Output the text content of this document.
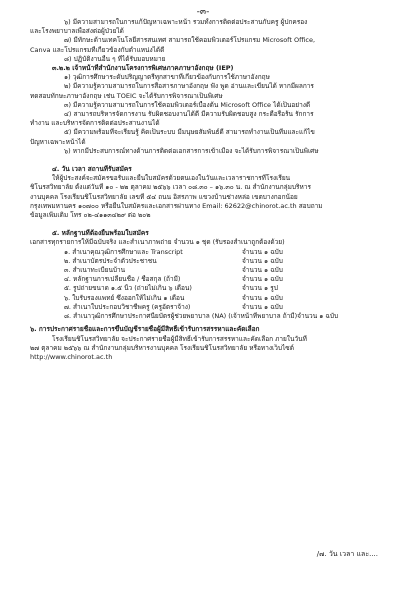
-๓-
๖) มีความสามารถในการแก้ปัญหาเฉพาะหน้า รวมทั้งการติดต่อประสานกับครู ผู้ปกครอง
และโรงพยาบาลเพื่อส่งต่อผู้ป่วยได้
๗) มีทักษะด้านเทคโนโลยีสารสนเทศ สามารถใช้คอมพิวเตอร์โปรแกรม Microsoft Office,
Canva และโปรแกรมที่เกี่ยวข้องกับตำแหน่งได้ดี
๘) ปฏิบัติงานอื่น ๆ ที่ได้รับมอบหมาย
๓.๒.๒ เจ้าหน้าที่สำนักงานโครงการพิเศษภาคภาษาอังกฤษ (IEP)
๑) วุฒิการศึกษาระดับปริญญาตรีทุกสาขาที่เกี่ยวข้องกับการใช้ภาษาอังกฤษ
๒) มีความรู้ความสามารถในการสื่อสารภาษาอังกฤษ ฟัง พูด อ่านและเขียนได้ หากมีผลการ
ทดสอบทักษะภาษาอังกฤษ เช่น TOEIC จะได้รับการพิจารณาเป็นพิเศษ
๓) มีความรู้ความสามารถในการใช้คอมพิวเตอร์เบื้องต้น Microsoft Office ได้เป็นอย่างดี
๔) สามารถบริหารจัดการงาน รับผิดชอบงานได้ดี มีความรับผิดชอบสูง กระตือรือร้น รักการ
ทำงาน และบริหารจัดการติดต่อประสานงานได้
๕) มีความพร้อมที่จะเรียนรู้ คิดเป็นระบบ มีมนุษยสัมพันธ์ดี สามารถทำงานเป็นทีมและแก้ไข
ปัญหาเฉพาะหน้าได้
๖) หากมีประสบการณ์ทางด้านการติดต่อเอกสารการเข้าเมือง จะได้รับการพิจารณาเป็นพิเศษ
๔. วัน เวลา สถานที่รับสมัคร
ให้ผู้ประสงค์จะสมัครขอรับและยื่นใบสมัครด้วยตนเองในวันและเวลาราชการที่โรงเรียน
ชิโนรสวิทยาลัย ตั้งแต่วันที่ ๑๐ - ๒๒ ตุลาคม ๒๕๖๖ เวลา ๐๘.๓๐ – ๑๖.๓๐ น. ณ สำนักงานกลุ่มบริหาร
งานบุคคล โรงเรียนชิโนรสวิทยาลัย เลขที่ ๕๔ ถนน อิสรภาพ แขวงบ้านช่างหล่อ เขตบางกอกน้อย
กรุงเทพมหานคร ๑๐๗๐๐ หรือยื่นใบสมัครและเอกสารผ่านทาง Email: 62622@chinorot.ac.th สอบถาม
ข้อมูลเพิ่มเติม โทร ๐๒-๔๑๑๓๔๒๙ ต่อ ๒๐๒
๕. หลักฐานที่ต้องยื่นพร้อมใบสมัคร
เอกสารทุกรายการให้มีฉบับจริง และสำเนาภาพถ่าย จำนวน ๑ ชุด (รับรองสำเนาถูกต้องด้วย)
๑. สำเนาคุณวุฒิการศึกษาและ Transcript	จำนวน ๑ ฉบับ
๒. สำเนาบัตรประจำตัวประชาชน	จำนวน ๑ ฉบับ
๓. สำเนาทะเบียนบ้าน	จำนวน ๑ ฉบับ
๔. หลักฐานการเปลี่ยนชื่อ / ชื่อสกุล (ถ้ามี)	จำนวน ๑ ฉบับ
๕. รูปถ่ายขนาด ๑.๕ นิ้ว (ถ่ายไม่เกิน ๖ เดือน)	จำนวน ๑ รูป
๖. ใบรับรองแพทย์ ซึ่งออกให้ไม่เกิน ๑ เดือน	จำนวน ๑ ฉบับ
๗. สำเนาใบประกอบวิชาชีพครู (ครูอัตราจ้าง)	จำนวน ๑ ฉบับ
๘. สำเนาวุฒิการศึกษาประกาศนียบัตรผู้ช่วยพยาบาล (NA) (เจ้าหน้าที่พยาบาล ถ้ามี) จำนวน ๑ ฉบับ
๖. การประกาศรายชื่อและการขึ้นบัญชีรายชื่อผู้มีสิทธิ์เข้ารับการสรรหาและคัดเลือก
โรงเรียนชิโนรสวิทยาลัย จะประกาศรายชื่อผู้มีสิทธิ์เข้ารับการสรรหาและคัดเลือก ภายในวันที่
๒๗ ตุลาคม ๒๕๖๖ ณ สำนักงานกลุ่มบริหารงานบุคคล โรงเรียนชิโนรสวิทยาลัย หรือทางเว็บไซต์
http://www.chinorot.ac.th
/๗. วัน เวลา และ....
